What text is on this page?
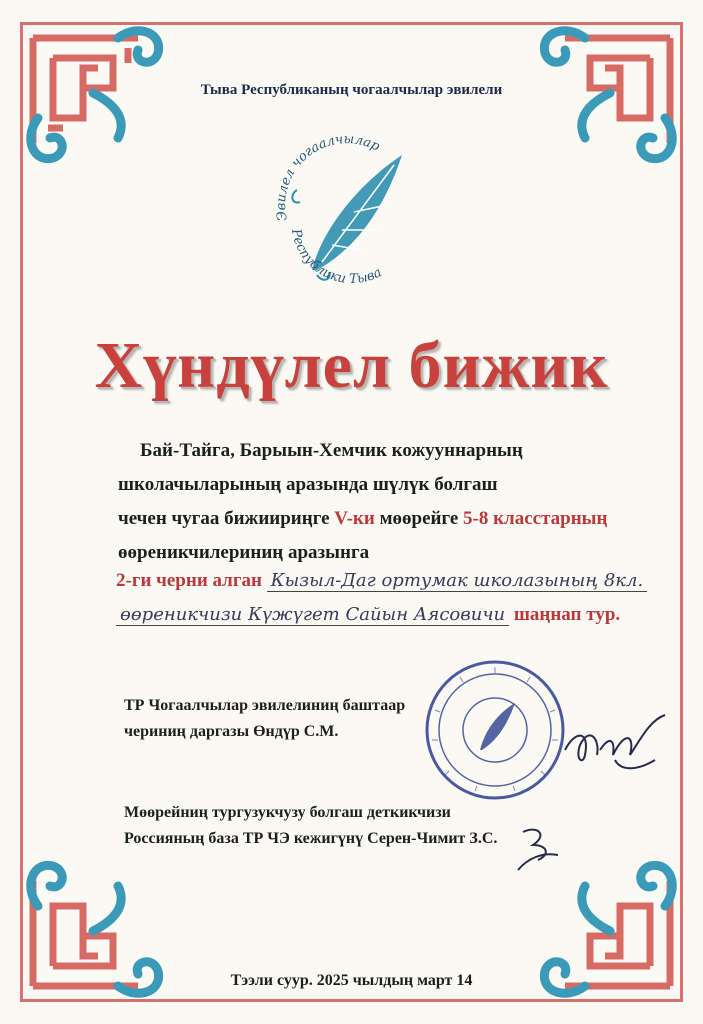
Тыва Республиканың чогаалчылар эвилели
Эвилел чогаалчылар
Республики Тыва
Хүндүлел бижик
Бай-Тайга, Барыын-Хемчик кожууннарның
школачыларының аразында шүлүк болгаш
чечен чугаа бижиириңге V-ки мөөрейге 5-8 класстарның
өөреникчилериниң аразынга
2-ги черни алган Кызыл-Даг ортумак школазының 8кл.
өөреникчизи Күжүгет Сайын Аясовичи шаңнап тур.
ТР Чогаалчылар эвилелиниң баштаар
чериниң даргазы Өндүр С.М.
Мөөрейниң тургузукчузу болгаш деткикчизи
Россияның база ТР ЧЭ кежигүнү Серен-Чимит З.С.
Тээли суур. 2025 чылдың март 14
